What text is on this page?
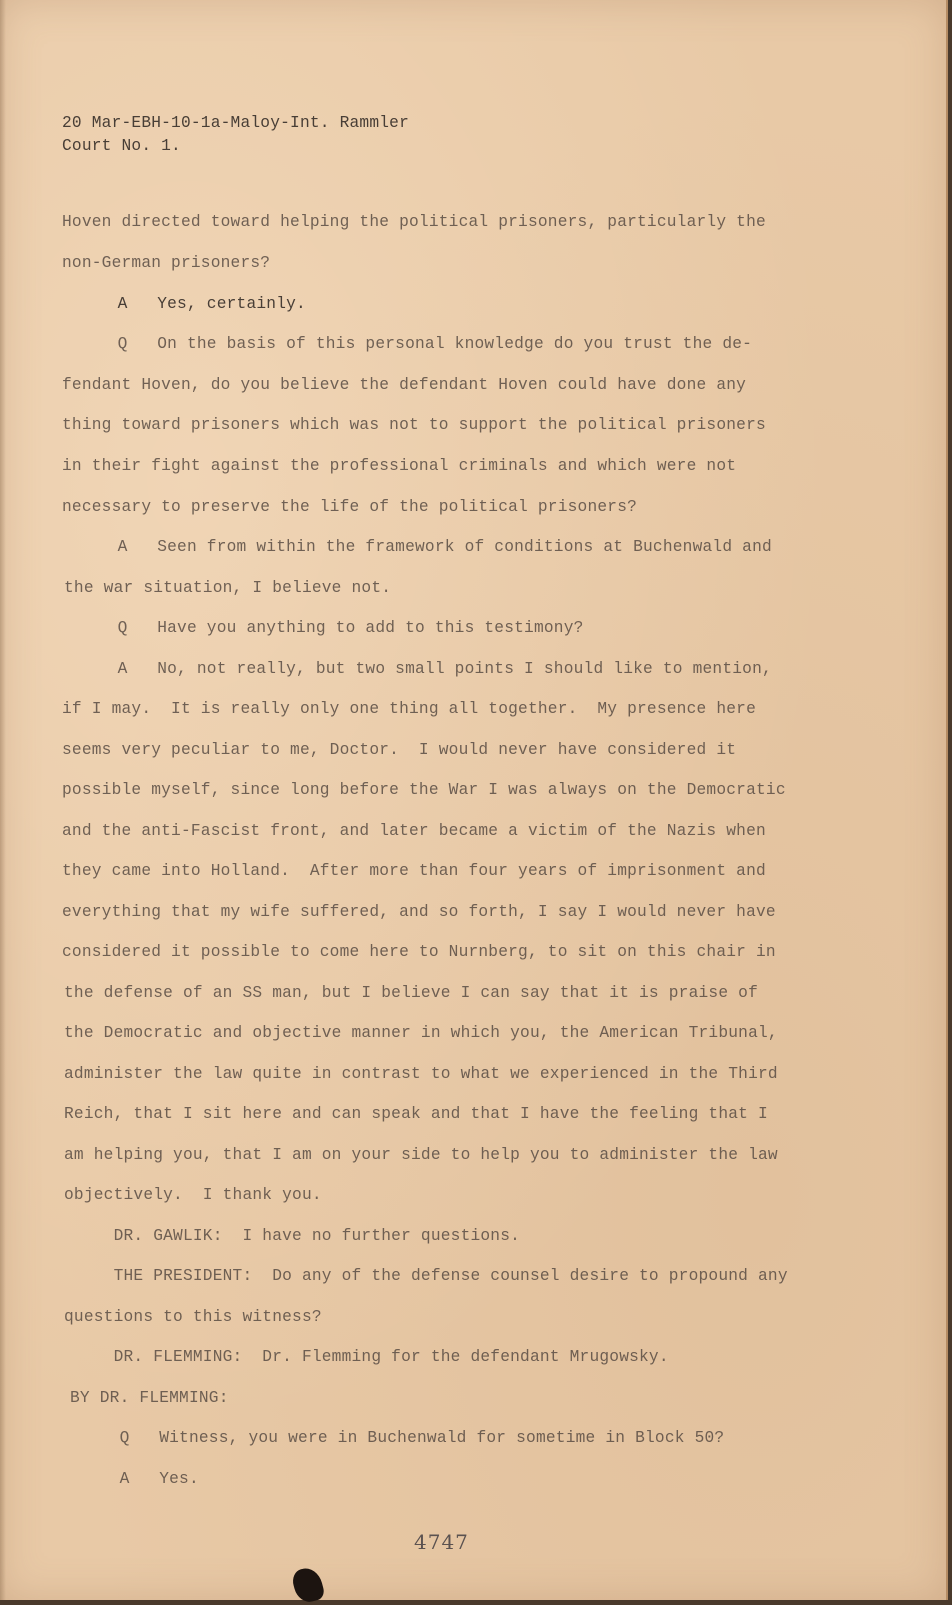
20 Mar-EBH-10-1a-Maloy-Int. Rammler
Court No. 1.
Hoven directed toward helping the political prisoners, particularly the
non-German prisoners?
A   Yes, certainly.
Q   On the basis of this personal knowledge do you trust the de-
fendant Hoven, do you believe the defendant Hoven could have done any
thing toward prisoners which was not to support the political prisoners
in their fight against the professional criminals and which were not
necessary to preserve the life of the political prisoners?
A   Seen from within the framework of conditions at Buchenwald and
the war situation, I believe not.
Q   Have you anything to add to this testimony?
A   No, not really, but two small points I should like to mention,
if I may.  It is really only one thing all together.  My presence here
seems very peculiar to me, Doctor.  I would never have considered it
possible myself, since long before the War I was always on the Democratic
and the anti-Fascist front, and later became a victim of the Nazis when
they came into Holland.  After more than four years of imprisonment and
everything that my wife suffered, and so forth, I say I would never have
considered it possible to come here to Nurnberg, to sit on this chair in
the defense of an SS man, but I believe I can say that it is praise of
the Democratic and objective manner in which you, the American Tribunal,
administer the law quite in contrast to what we experienced in the Third
Reich, that I sit here and can speak and that I have the feeling that I
am helping you, that I am on your side to help you to administer the law
objectively.  I thank you.
DR. GAWLIK:  I have no further questions.
THE PRESIDENT:  Do any of the defense counsel desire to propound any
questions to this witness?
DR. FLEMMING:  Dr. Flemming for the defendant Mrugowsky.
BY DR. FLEMMING:
Q   Witness, you were in Buchenwald for sometime in Block 50?
A   Yes.
4747
